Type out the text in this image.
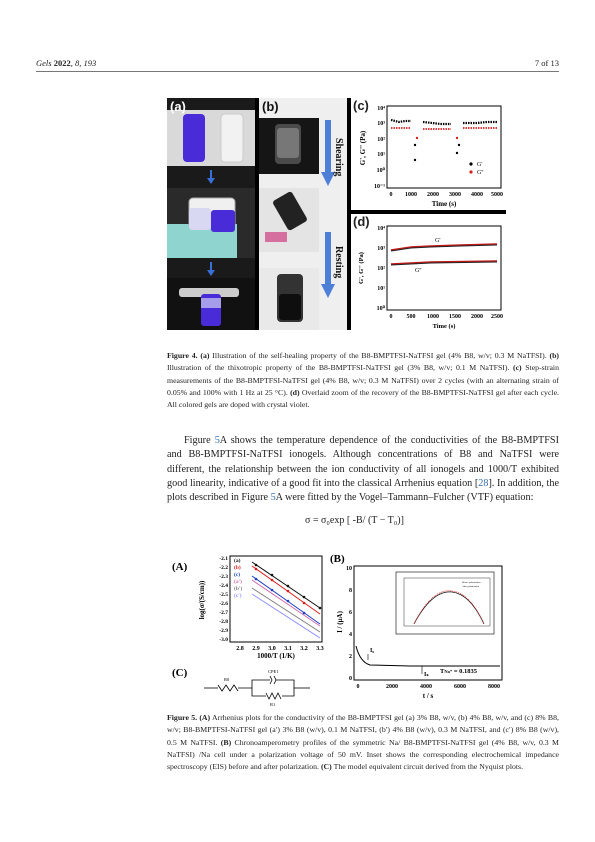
Gels 2022, 8, 193	7 of 13
(a)	(b)
Shearing
Resting
(c) 10⁴
10³
10²
10¹
10⁰
10⁻¹
0 1000 2000 3000 4000 5000
Time (s)
G', G'' (Pa)	G'
G''
(d) 10⁴
10³
10²
10¹
10⁰
0 500 1000 1500 2000 2500
Time (s)
G', G'' (Pa)
G'
G''
Figure 4. (a) Illustration of the self-healing property of the B8-BMPTFSI-NaTFSI gel (4% B8, w/v; 0.3 M NaTFSI). (b) Illustration of the thixotropic property of the B8-BMPTFSI-NaTFSI gel (3% B8, w/v; 0.1 M NaTFSI). (c) Step-strain measurements of the B8-BMPTFSI-NaTFSI gel (4% B8, w/v; 0.3 M NaTFSI) over 2 cycles (with an alternating strain of 0.05% and 100% with 1 Hz at 25 °C). (d) Overlaid zoom of the recovery of the B8-BMPTFSI-NaTFSI gel after each cycle. All colored gels are doped with crystal violet.
Figure 5A shows the temperature dependence of the conductivities of the B8-BMPTFSI and B8-BMPTFSI-NaTFSI ionogels. Although concentrations of B8 and NaTFSI were different, the relationship between the ion conductivity of all ionogels and 1000/T exhibited good linearity, indicative of a good fit into the classical Arrhenius equation [28]. In addition, the plots described in Figure 5A were fitted by the Vogel–Tammann–Fulcher (VTF) equation:
σ = σ₀exp [ -B/ (T − T₀)]
(A)
-2.1
-2.2
-2.3
-2.4
-2.5
-2.6
-2.7
-2.8
-2.9
-3.0
2.8 2.9 3.0 3.1 3.2 3.3
1000/T (1/K)
log(σ/(S/cm))
(a)
(b)
(c)
(a')
(b')
(c')
(C)
R0
CPE1
R1
(B)
0
2
4
6
8
10
0	2000	4000	6000	8000
t / s
I / (μA)
I₀
Iₛ TNa⁺ = 0.1835
Before polarization
After polarization
Figure 5. (A) Arrhenius plots for the conductivity of the B8-BMPTFSI gel (a) 3% B8, w/v, (b) 4% B8, w/v, and (c) 8% B8, w/v; B8-BMPTFSI-NaTFSI gel (a′) 3% B8 (w/v), 0.1 M NaTFSI, (b′) 4% B8 (w/v), 0.3 M NaTFSI, and (c′) 8% B8 (w/v), 0.5 M NaTFSI. (B) Chronoamperometry profiles of the symmetric Na/ B8-BMPTFSI-NaTFSI gel (4% B8, w/v, 0.3 M NaTFSI) /Na cell under a polarization voltage of 50 mV. Inset shows the corresponding electrochemical impedance spectroscopy (EIS) before and after polarization. (C) The model equivalent circuit derived from the Nyquist plots.
